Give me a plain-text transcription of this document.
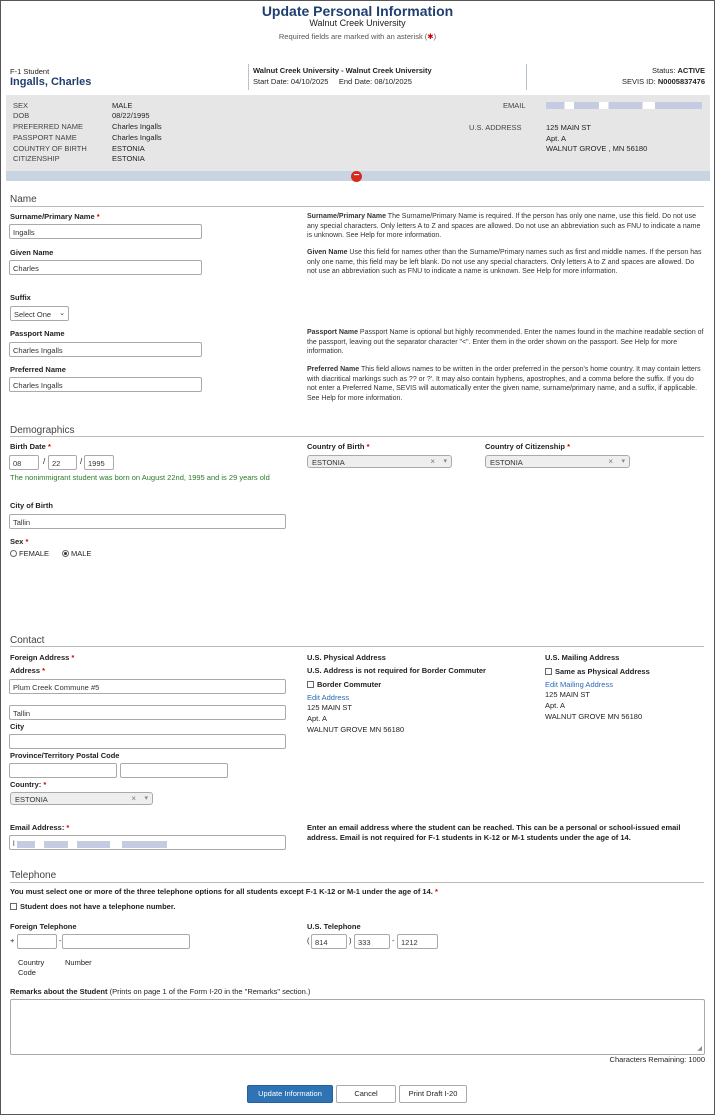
Update Personal Information
Walnut Creek University
Required fields are marked with an asterisk (✱)
F-1 Student
Ingalls, Charles
Walnut Creek University - Walnut Creek University
Start Date: 04/10/2025     End Date: 08/10/2025
Status: ACTIVE
SEVIS ID: N0005837476
SEX	MALE
DOB	08/22/1995
PREFERRED NAME	Charles Ingalls
PASSPORT NAME	Charles Ingalls
COUNTRY OF BIRTH	ESTONIA
CITIZENSHIP	ESTONIA
EMAIL
U.S. ADDRESS	125 MAIN ST
Apt. A
WALNUT GROVE , MN 56180
−
Name
Surname/Primary Name *
Ingalls
Given Name
Charles
Suffix
Select One ⌄
Passport Name
Charles Ingalls
Preferred Name
Charles Ingalls
Surname/Primary Name The Surname/Primary Name is required. If the person has only one name, use this field. Do not use any special characters. Only letters A to Z and spaces are allowed. Do not use an abbreviation such as FNU to indicate a name is unknown. See Help for more information.
Given Name Use this field for names other than the Surname/Primary names such as first and middle names. If the person has only one name, this field may be left blank. Do not use any special characters. Only letters A to Z and spaces are allowed. Do not use an abbreviation such as FNU to indicate a name is unknown. See Help for more information.
Passport Name Passport Name is optional but highly recommended. Enter the names found in the machine readable section of the passport, leaving out the separator character "<". Enter them in the order shown on the passport. See Help for more information.
Preferred Name This field allows names to be written in the order preferred in the person's home country. It may contain letters with diacritical markings such as ?? or ?'. It may also contain hyphens, apostrophes, and a comma before the suffix. If you do not enter a Preferred Name, SEVIS will automatically enter the given name, surname/primary name, and a suffix, if applicable. See Help for more information.
Demographics
Birth Date *
08	/ 22	/ 1995
The nonimmigrant student was born on August 22nd, 1995 and is 29 years old
City of Birth
Tallin
Sex *
FEMALE	MALE
Country of Birth *
ESTONIA	× ▾
Country of Citizenship *
ESTONIA	× ▾
Contact
Foreign Address *
Address *
Plum Creek Commune #5
Tallin
City
Province/Territory Postal Code
Country: *
ESTONIA	× ▾
Email Address: *
l
Enter an email address where the student can be reached. This can be a personal or school-issued email address. Email is not required for F-1 students in K-12 or M-1 students under the age of 14.
U.S. Physical Address
U.S. Address is not required for Border Commuter
Border Commuter
Edit Address
125 MAIN ST
Apt. A
WALNUT GROVE MN 56180
U.S. Mailing Address
Same as Physical Address
Edit Mailing Address
125 MAIN ST
Apt. A
WALNUT GROVE MN 56180
Telephone
You must select one or more of the three telephone options for all students except F-1 K-12 or M-1 under the age of 14. *
Student does not have a telephone number.
Foreign Telephone
+	-
Country
Code
Number
U.S. Telephone
( 814	) 333	- 1212
Remarks about the Student (Prints on page 1 of the Form I-20 in the "Remarks" section.)
◢
Characters Remaining: 1000
Update Information	Cancel	Print Draft I-20
